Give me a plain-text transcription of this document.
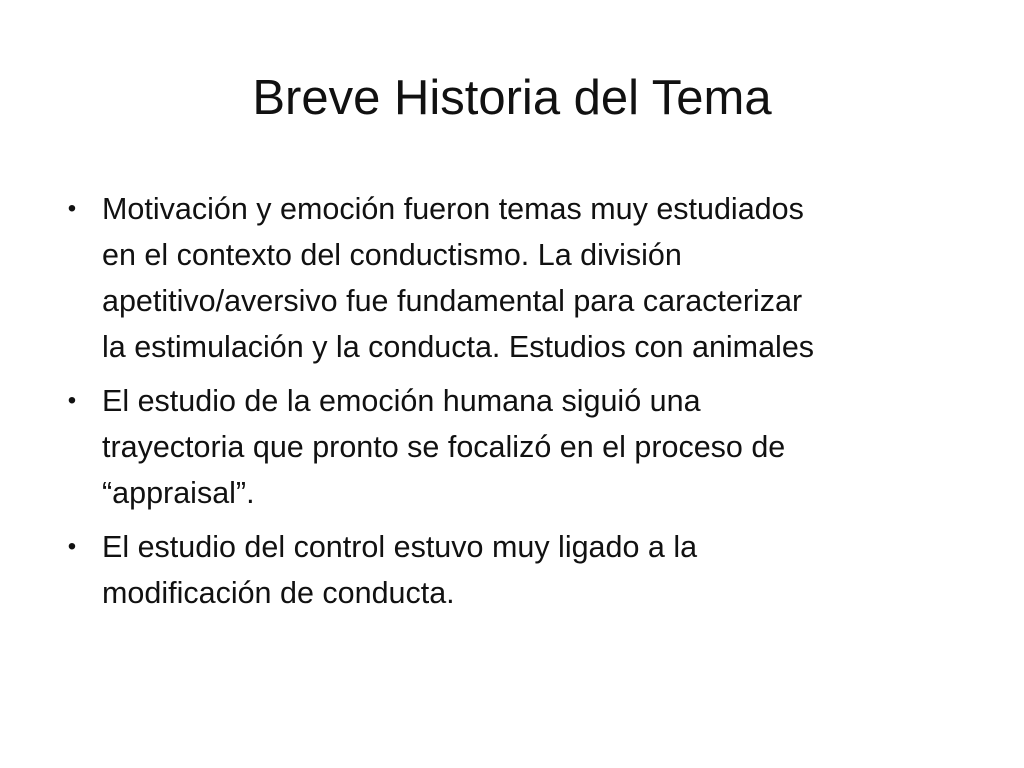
Breve Historia del Tema
• Motivación y emoción fueron temas muy estudiados
en el contexto del conductismo. La división
apetitivo/aversivo fue fundamental para caracterizar
la estimulación y la conducta. Estudios con animales
• El estudio de la emoción humana siguió una
trayectoria que pronto se focalizó en el proceso de
“appraisal”.
• El estudio del control estuvo muy ligado a la
modificación de conducta.
